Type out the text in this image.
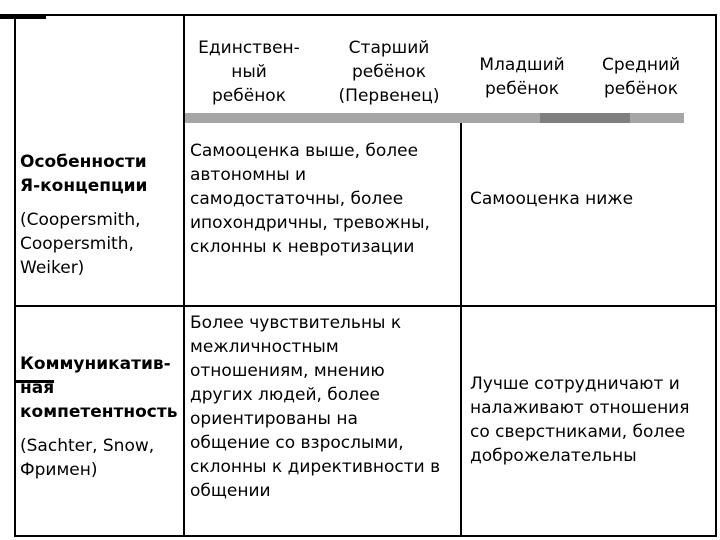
Единствен-
ный
ребёнок
Старший
ребёнок
(Первенец)
Младший
ребёнок
Средний
ребёнок
Особенности
Я-концепции
(Coopersmith,
Coopersmith,
Weiker)
Самооценка выше, более
автономны и
самодостаточны, более
ипохондричны, тревожны,
склонны к невротизации
Самооценка ниже
Коммуникатив-
ная
компетентность
(Sachter, Snow,
Фримен)
Более чувствительны к
межличностным
отношениям, мнению
других людей, более
ориентированы на
общение со взрослыми,
склонны к директивности в
общении
Лучше сотрудничают и
налаживают отношения
со сверстниками, более
доброжелательны
